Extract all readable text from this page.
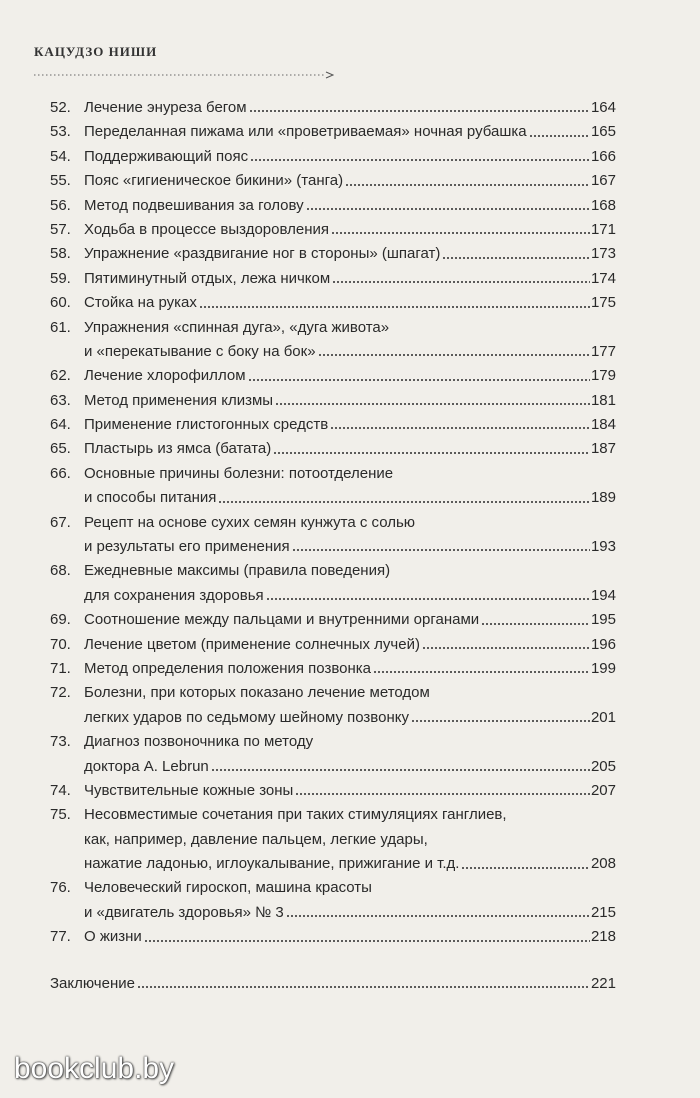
КАЦУДЗО НИШИ
52. Лечение энуреза бегом	164
53. Переделанная пижама или «проветриваемая» ночная рубашка	165
54. Поддерживающий пояс	166
55. Пояс «гигиеническое бикини» (танга)	167
56. Метод подвешивания за голову	168
57. Ходьба в процессе выздоровления	171
58. Упражнение «раздвигание ног в стороны» (шпагат)	173
59. Пятиминутный отдых, лежа ничком	174
60. Стойка на руках	175
61. Упражнения «спинная дуга», «дуга живота»
и «перекатывание с боку на бок»	177
62. Лечение хлорофиллом	179
63. Метод применения клизмы	181
64. Применение глистогонных средств	184
65. Пластырь из ямса (батата)	187
66. Основные причины болезни: потоотделение
и способы питания	189
67. Рецепт на основе сухих семян кунжута с солью
и результаты его применения	193
68. Ежедневные максимы (правила поведения)
для сохранения здоровья	194
69. Соотношение между пальцами и внутренними органами	195
70. Лечение цветом (применение солнечных лучей)	196
71. Метод определения положения позвонка	199
72. Болезни, при которых показано лечение методом
легких ударов по седьмому шейному позвонку	201
73. Диагноз позвоночника по методу
доктора A. Lebrun	205
74. Чувствительные кожные зоны	207
75. Несовместимые сочетания при таких стимуляциях ганглиев,
как, например, давление пальцем, легкие удары,
нажатие ладонью, иглоукалывание, прижигание и т.д.	208
76. Человеческий гироскоп, машина красоты
и «двигатель здоровья» № 3	215
77. О жизни	218
Заключение	221
bookclub.by
